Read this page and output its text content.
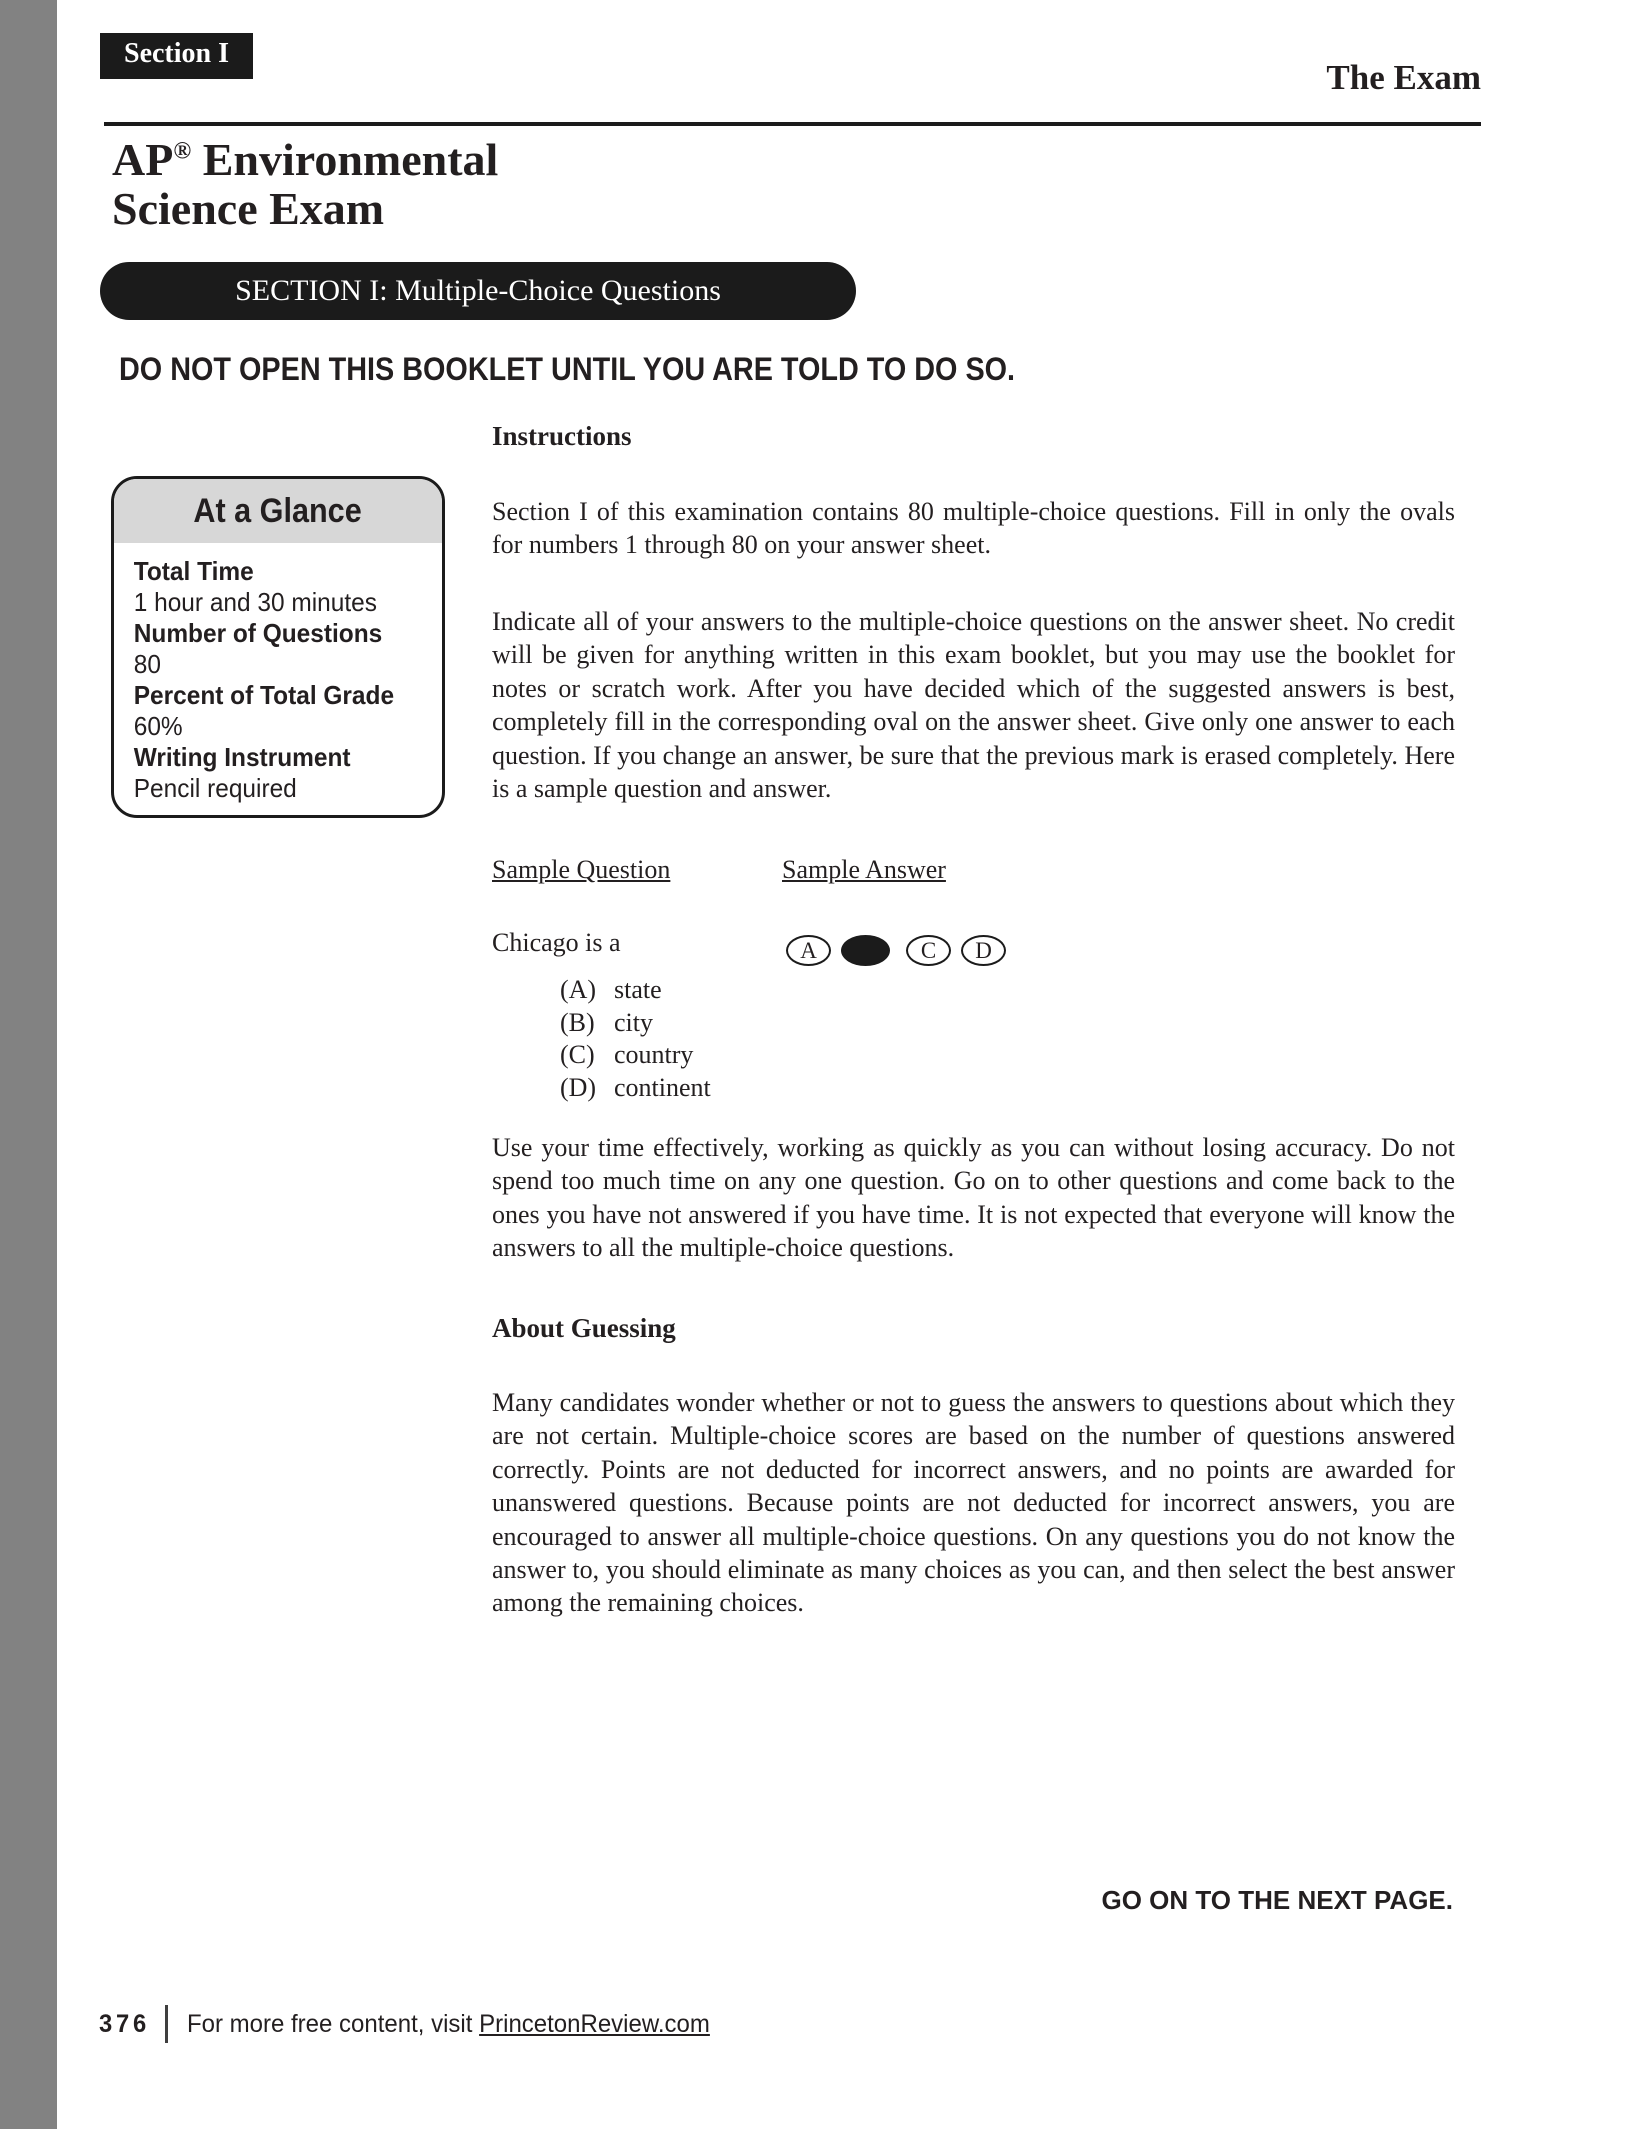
Section I
The Exam
AP® Environmental
Science Exam
SECTION I: Multiple-Choice Questions
DO NOT OPEN THIS BOOKLET UNTIL YOU ARE TOLD TO DO SO.
Instructions
At a Glance
Total Time
1 hour and 30 minutes
Number of Questions
80
Percent of Total Grade
60%
Writing Instrument
Pencil required
Section I of this examination contains 80 multiple-choice questions. Fill in only the ovals for numbers 1 through 80 on your answer sheet.
Indicate all of your answers to the multiple-choice questions on the answer sheet. No credit will be given for anything written in this exam booklet, but you may use the booklet for notes or scratch work. After you have decided which of the suggested answers is best, completely fill in the corresponding oval on the answer sheet. Give only one answer to each question. If you change an answer, be sure that the previous mark is erased completely. Here is a sample question and answer.
Sample Question	Sample Answer
Chicago is a	A	C	D
(A) state
(B) city
(C) country
(D) continent
Use your time effectively, working as quickly as you can without losing accuracy. Do not spend too much time on any one question. Go on to other questions and come back to the ones you have not answered if you have time. It is not expected that everyone will know the answers to all the multiple-choice questions.
About Guessing
Many candidates wonder whether or not to guess the answers to questions about which they are not certain. Multiple-choice scores are based on the number of questions answered correctly. Points are not deducted for incorrect answers, and no points are awarded for unanswered questions. Because points are not deducted for incorrect answers, you are encouraged to answer all multiple-choice questions. On any questions you do not know the answer to, you should eliminate as many choices as you can, and then select the best answer among the remaining choices.
GO ON TO THE NEXT PAGE.
376 For more free content, visit PrincetonReview.com
